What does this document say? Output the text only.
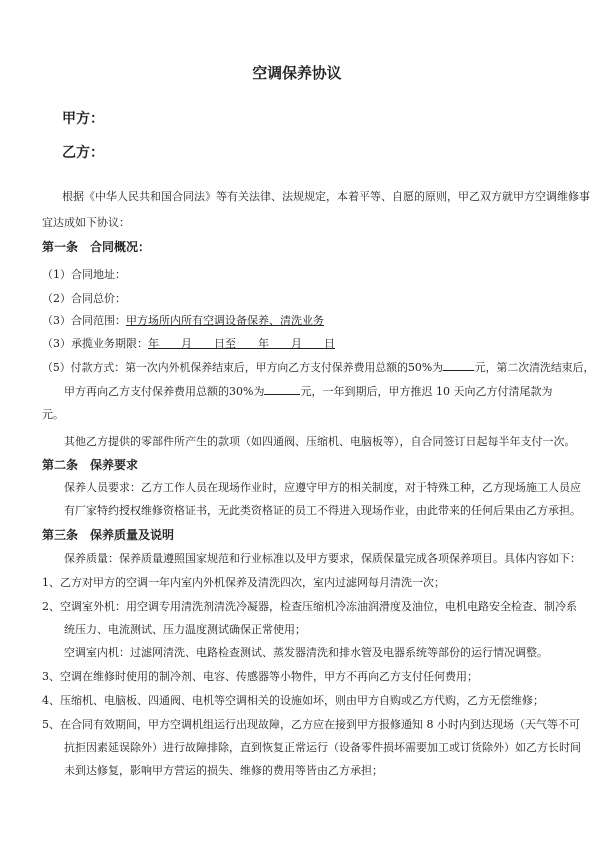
空调保养协议
甲方：
乙方：
根据《中华人民共和国合同法》等有关法律、法规规定，本着平等、自愿的原则，甲乙双方就甲方空调维修事
宜达成如下协议：
第一条　合同概况：
（1）合同地址：
（2）合同总价：
（3）合同范围：甲方场所内所有空调设备保养、清洗业务
（3）承揽业务期限：年　　月　　日至　　年　　月　　日
（5）付款方式：第一次内外机保养结束后，甲方向乙方支付保养费用总额的50%为	元，第二次清洗结束后，
甲方再向乙方支付保养费用总额的30%为	元，一年到期后，甲方推迟 10 天向乙方付清尾款为
元。
其他乙方提供的零部件所产生的款项（如四通阀、压缩机、电脑板等），自合同签订日起每半年支付一次。
第二条　保养要求
保养人员要求：乙方工作人员在现场作业时，应遵守甲方的相关制度，对于特殊工种，乙方现场施工人员应
有厂家特约授权维修资格证书，无此类资格证的员工不得进入现场作业，由此带来的任何后果由乙方承担。
第三条　保养质量及说明
保养质量：保养质量遵照国家规范和行业标准以及甲方要求，保质保量完成各项保养项目。具体内容如下：
1、乙方对甲方的空调一年内室内外机保养及清洗四次，室内过滤网每月清洗一次；
2、空调室外机：用空调专用清洗剂清洗冷凝器，检查压缩机冷冻油润滑度及油位，电机电路安全检查、制冷系
统压力、电流测试、压力温度测试确保正常使用；
空调室内机：过滤网清洗、电路检查测试、蒸发器清洗和排水管及电器系统等部份的运行情况调整。
3、空调在维修时使用的制冷剂、电容、传感器等小物件，甲方不再向乙方支付任何费用；
4、压缩机、电脑板、四通阀、电机等空调相关的设施如坏，则由甲方自购或乙方代购，乙方无偿维修；
5、在合同有效期间，甲方空调机组运行出现故障，乙方应在接到甲方报修通知 8 小时内到达现场（天气等不可
抗拒因素延误除外）进行故障排除，直到恢复正常运行（设备零件损坏需要加工或订货除外）如乙方长时间
未到达修复，影响甲方营运的损失、维修的费用等皆由乙方承担；
